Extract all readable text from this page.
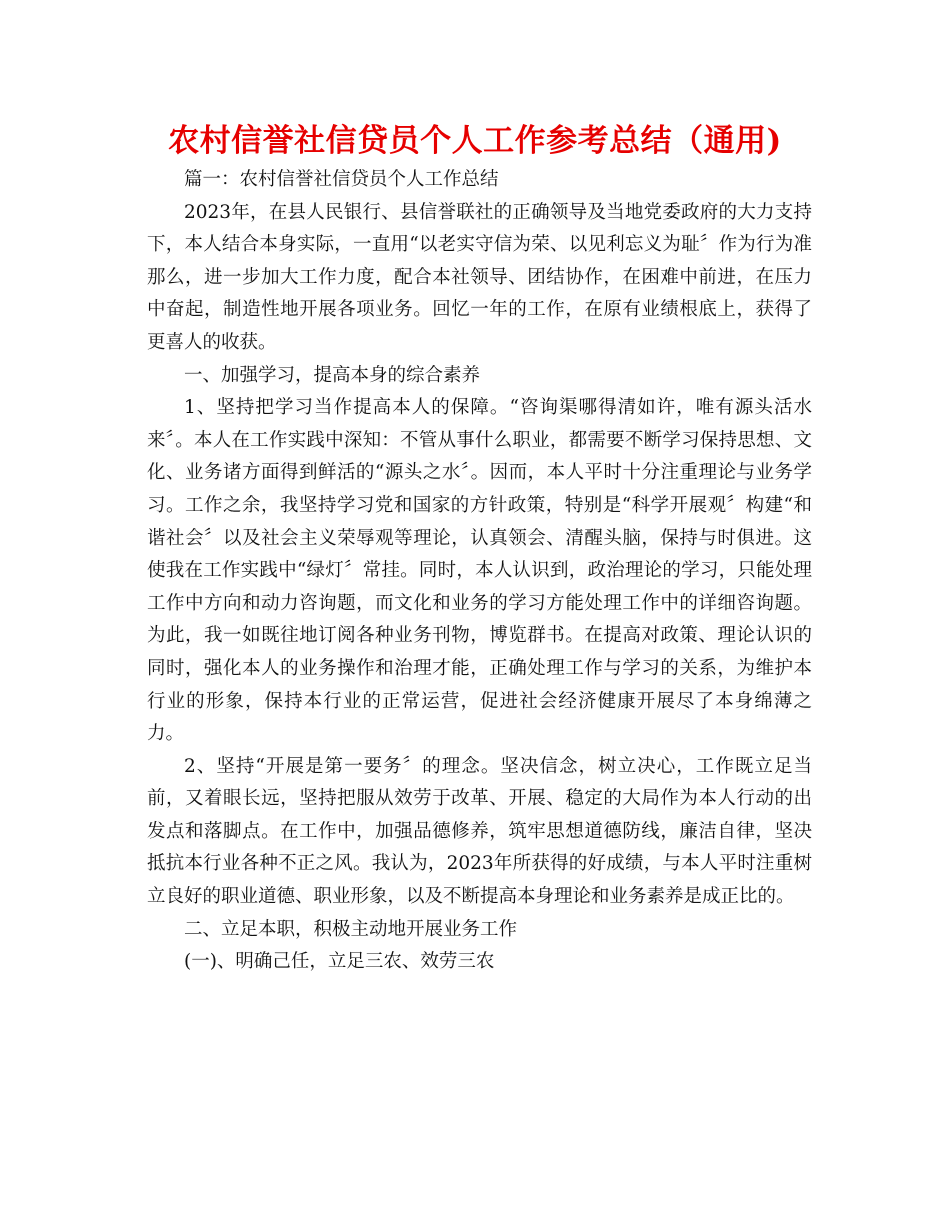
农村信誉社信贷员个人工作参考总结（通用)

篇一：农村信誉社信贷员个人工作总结

2023年，在县人民银行、县信誉联社的正确领导及当地党委政府的大力支持下，本人结合本身实际，一直用“以老实守信为荣、以见利忘义为耻〞作为行为准那么，进一步加大工作力度，配合本社领导、团结协作，在困难中前进，在压力中奋起，制造性地开展各项业务。回忆一年的工作，在原有业绩根底上，获得了更喜人的收获。

一、加强学习，提高本身的综合素养

1、坚持把学习当作提高本人的保障。“咨询渠哪得清如许，唯有源头活水来〞。本人在工作实践中深知：不管从事什么职业，都需要不断学习保持思想、文化、业务诸方面得到鲜活的“源头之水〞。因而，本人平时十分注重理论与业务学习。工作之余，我坚持学习党和国家的方针政策，特别是“科学开展观〞构建“和谐社会〞以及社会主义荣辱观等理论，认真领会、清醒头脑，保持与时俱进。这使我在工作实践中“绿灯〞常挂。同时，本人认识到，政治理论的学习，只能处理工作中方向和动力咨询题，而文化和业务的学习方能处理工作中的详细咨询题。为此，我一如既往地订阅各种业务刊物，博览群书。在提高对政策、理论认识的同时，强化本人的业务操作和治理才能，正确处理工作与学习的关系，为维护本行业的形象，保持本行业的正常运营，促进社会经济健康开展尽了本身绵薄之力。

2、坚持“开展是第一要务〞的理念。坚决信念，树立决心，工作既立足当前，又着眼长远，坚持把服从效劳于改革、开展、稳定的大局作为本人行动的出发点和落脚点。在工作中，加强品德修养，筑牢思想道德防线，廉洁自律，坚决抵抗本行业各种不正之风。我认为，2023年所获得的好成绩，与本人平时注重树立良好的职业道德、职业形象，以及不断提高本身理论和业务素养是成正比的。

二、立足本职，积极主动地开展业务工作

(一)、明确己任，立足三农、效劳三农
